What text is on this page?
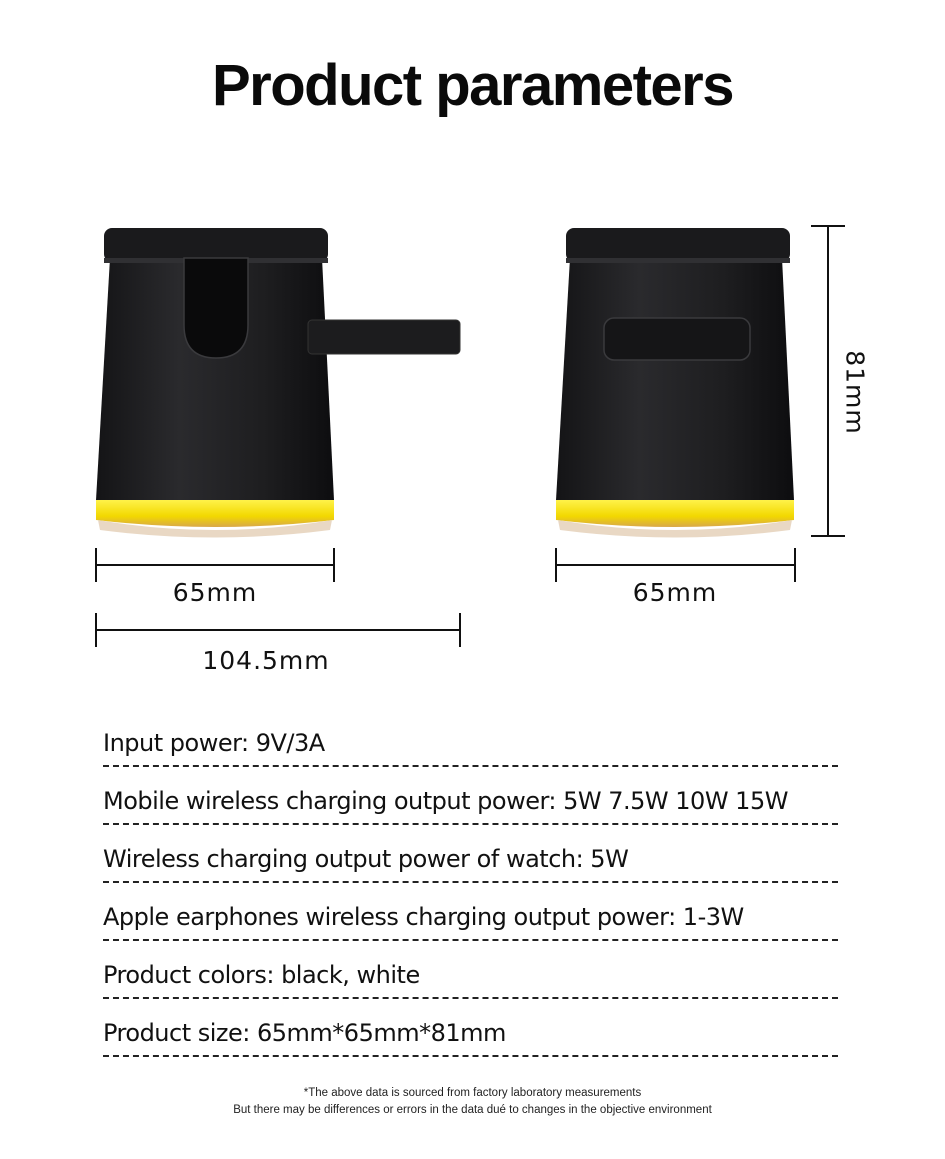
Product parameters
65mm
104.5mm
65mm
81mm
Input power: 9V/3A
Mobile wireless charging output power: 5W 7.5W 10W 15W
Wireless charging output power of watch: 5W
Apple earphones wireless charging output power: 1-3W
Product colors: black, white
Product size: 65mm*65mm*81mm
*The above data is sourced from factory laboratory measurements
But there may be differences or errors in the data dué to changes in the objective environment
